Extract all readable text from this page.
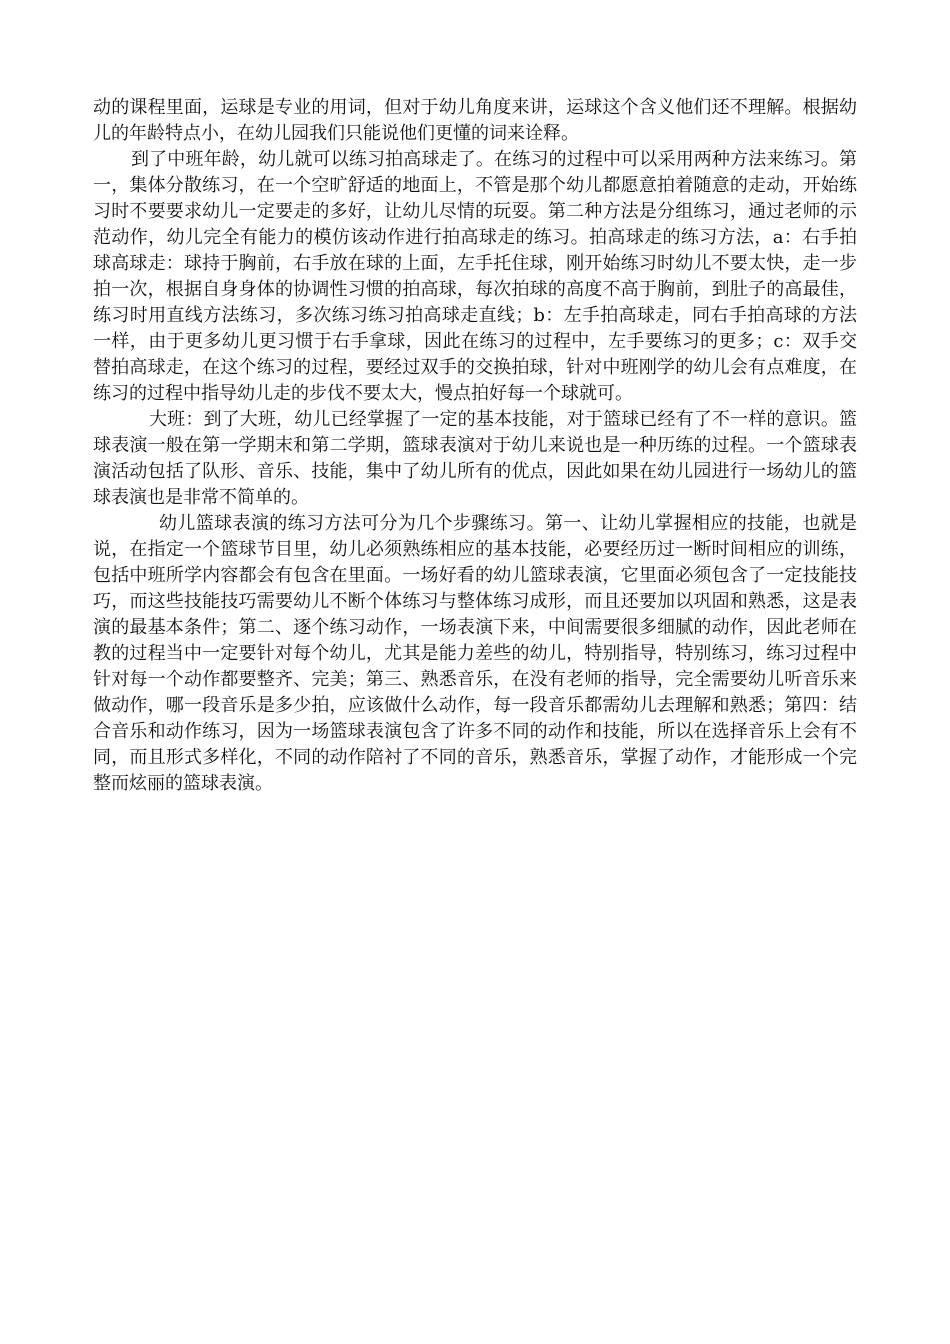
动的课程里面，运球是专业的用词，但对于幼儿角度来讲，运球这个含义他们还不理解。根据幼儿的年龄特点小，在幼儿园我们只能说他们更懂的词来诠释。

到了中班年龄，幼儿就可以练习拍高球走了。在练习的过程中可以采用两种方法来练习。第一，集体分散练习，在一个空旷舒适的地面上，不管是那个幼儿都愿意拍着随意的走动，开始练习时不要要求幼儿一定要走的多好，让幼儿尽情的玩耍。第二种方法是分组练习，通过老师的示范动作，幼儿完全有能力的模仿该动作进行拍高球走的练习。拍高球走的练习方法，a：右手拍球高球走：球持于胸前，右手放在球的上面，左手托住球，刚开始练习时幼儿不要太快，走一步拍一次，根据自身身体的协调性习惯的拍高球，每次拍球的高度不高于胸前，到肚子的高最佳，练习时用直线方法练习，多次练习练习拍高球走直线；b：左手拍高球走，同右手拍高球的方法一样，由于更多幼儿更习惯于右手拿球，因此在练习的过程中，左手要练习的更多；c：双手交替拍高球走，在这个练习的过程，要经过双手的交换拍球，针对中班刚学的幼儿会有点难度，在练习的过程中指导幼儿走的步伐不要太大，慢点拍好每一个球就可。

大班：到了大班，幼儿已经掌握了一定的基本技能，对于篮球已经有了不一样的意识。篮球表演一般在第一学期末和第二学期，篮球表演对于幼儿来说也是一种历练的过程。一个篮球表演活动包括了队形、音乐、技能，集中了幼儿所有的优点，因此如果在幼儿园进行一场幼儿的篮球表演也是非常不简单的。

幼儿篮球表演的练习方法可分为几个步骤练习。第一、让幼儿掌握相应的技能，也就是说，在指定一个篮球节目里，幼儿必须熟练相应的基本技能，必要经历过一断时间相应的训练，包括中班所学内容都会有包含在里面。一场好看的幼儿篮球表演，它里面必须包含了一定技能技巧，而这些技能技巧需要幼儿不断个体练习与整体练习成形，而且还要加以巩固和熟悉，这是表演的最基本条件；第二、逐个练习动作，一场表演下来，中间需要很多细腻的动作，因此老师在教的过程当中一定要针对每个幼儿，尤其是能力差些的幼儿，特别指导，特别练习，练习过程中针对每一个动作都要整齐、完美；第三、熟悉音乐，在没有老师的指导，完全需要幼儿听音乐来做动作，哪一段音乐是多少拍，应该做什么动作，每一段音乐都需幼儿去理解和熟悉；第四：结合音乐和动作练习，因为一场篮球表演包含了许多不同的动作和技能，所以在选择音乐上会有不同，而且形式多样化，不同的动作陪衬了不同的音乐，熟悉音乐，掌握了动作，才能形成一个完整而炫丽的篮球表演。
